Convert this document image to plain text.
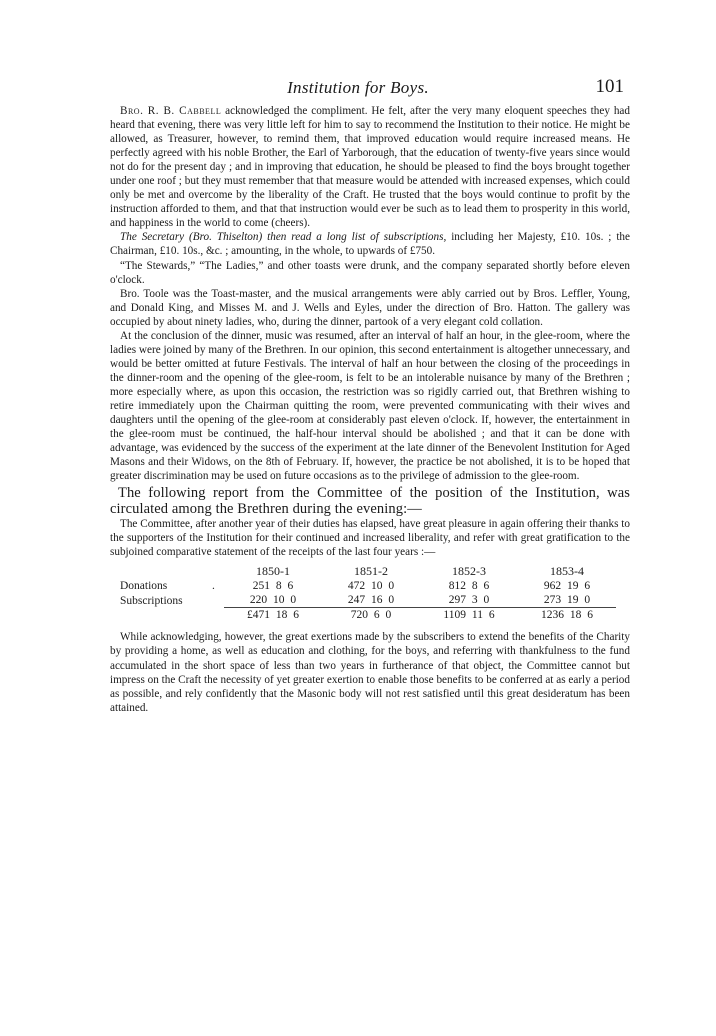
Institution for Boys.	101

Bro. R. B. Cabbell acknowledged the compliment. He felt, after the very many eloquent speeches they had heard that evening, there was very little left for him to say to recommend the Institution to their notice. He might be allowed, as Treasurer, however, to remind them, that improved education would require increased means. He perfectly agreed with his noble Brother, the Earl of Yarborough, that the education of twenty-five years since would not do for the present day ; and in improving that education, he should be pleased to find the boys brought together under one roof ; but they must remember that that measure would be attended with increased expenses, which could only be met and overcome by the liberality of the Craft. He trusted that the boys would continue to profit by the instruction afforded to them, and that that instruction would ever be such as to lead them to prosperity in this world, and happiness in the world to come (cheers).

The Secretary (Bro. Thiselton) then read a long list of subscriptions, including her Majesty, £10. 10s. ; the Chairman, £10. 10s., &c. ; amounting, in the whole, to upwards of £750.

“The Stewards,” “The Ladies,” and other toasts were drunk, and the company separated shortly before eleven o'clock.

Bro. Toole was the Toast-master, and the musical arrangements were ably carried out by Bros. Leffler, Young, and Donald King, and Misses M. and J. Wells and Eyles, under the direction of Bro. Hatton. The gallery was occupied by about ninety ladies, who, during the dinner, partook of a very elegant cold collation.

At the conclusion of the dinner, music was resumed, after an interval of half an hour, in the glee-room, where the ladies were joined by many of the Brethren. In our opinion, this second entertainment is altogether unnecessary, and would be better omitted at future Festivals. The interval of half an hour between the closing of the proceedings in the dinner-room and the opening of the glee-room, is felt to be an intolerable nuisance by many of the Brethren ; more especially where, as upon this occasion, the restriction was so rigidly carried out, that Brethren wishing to retire immediately upon the Chairman quitting the room, were prevented communicating with their wives and daughters until the opening of the glee-room at considerably past eleven o'clock. If, however, the entertainment in the glee-room must be continued, the half-hour interval should be abolished ; and that it can be done with advantage, was evidenced by the success of the experiment at the late dinner of the Benevolent Institution for Aged Masons and their Widows, on the 8th of February. If, however, the practice be not abolished, it is to be hoped that greater discrimination may be used on future occasions as to the privilege of admission to the glee-room.

The following report from the Committee of the position of the Institution, was circulated among the Brethren during the evening:—

The Committee, after another year of their duties has elapsed, have great pleasure in again offering their thanks to the supporters of the Institution for their continued and increased liberality, and refer with great gratification to the subjoined comparative statement of the receipts of the last four years :—

		1850-1	1851-2	1852-3	1853-4
Donations	.	251 8 6	472 10 0	812 8 6	962 19 6
Subscriptions		220 10 0	247 16 0	297 3 0	273 19 0
		£471 18 6	720 6 0	1109 11 6	1236 18 6

While acknowledging, however, the great exertions made by the subscribers to extend the benefits of the Charity by providing a home, as well as education and clothing, for the boys, and referring with thankfulness to the fund accumulated in the short space of less than two years in furtherance of that object, the Committee cannot but impress on the Craft the necessity of yet greater exertion to enable those benefits to be conferred at as early a period as possible, and rely confidently that the Masonic body will not rest satisfied until this great desideratum has been attained.
